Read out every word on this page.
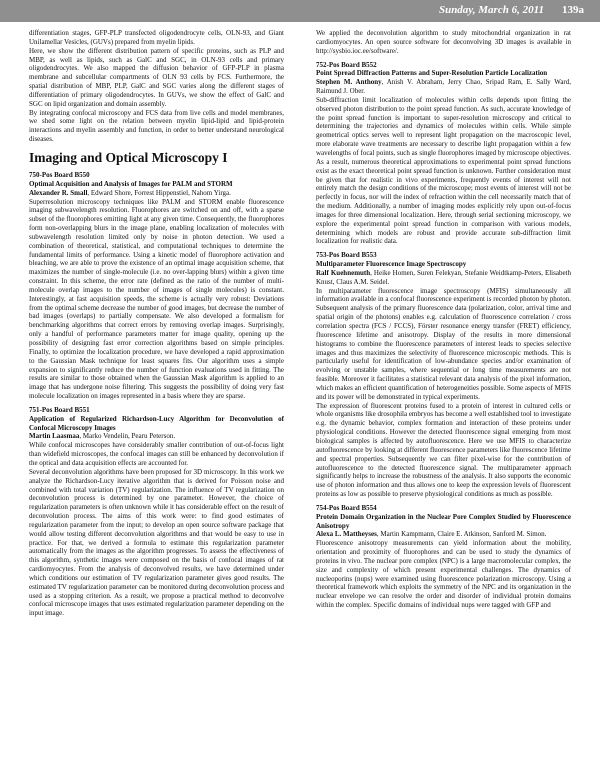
Sunday, March 6, 2011 139a

differentiation stages, GFP-PLP transfected oligodendrocyte cells, OLN-93, and Giant Unilamellar Vesicles, (GUVs) prepared from myelin lipids.

Here, we show the different distribution pattern of specific proteins, such as PLP and MBP, as well as lipids, such as GalC and SGC, in OLN-93 cells and primary oligodendrocytes. We also mapped the diffusion behavior of GFP-PLP in plasma membrane and subcellular compartments of OLN 93 cells by FCS. Furthermore, the spatial distribution of MBP, PLP, GalC and SGC varies along the different stages of differentiation of primary oligodendrocytes. In GUVs, we show the effect of GalC and SGC on lipid organization and domain assembly.

By integrating confocal microscopy and FCS data from live cells and model membranes, we shed some light on the relation between myelin lipid-lipid and lipid-protein interactions and myelin assembly and function, in order to better understand neurological diseases.

Imaging and Optical Microscopy I
750-Pos Board B550
Optimal Acquisition and Analysis of Images for PALM and STORM
Alexander R. Small, Edward Shore, Forrest Hippenstiel, Nahom Yirga.

Superresolution microscopy techniques like PALM and STORM enable fluorescence imaging subwavelength resolution. Fluorophores are switched on and off, with a sparse subset of the fluorophores emitting light at any given time. Consequently, the fluorophores form non-overlapping blurs in the image plane, enabling localization of molecules with subwavelength resolution limited only by noise in photon detection. We used a combination of theoretical, statistical, and computational techniques to determine the fundamental limits of performance. Using a kinetic model of fluorophore activation and bleaching, we are able to prove the existence of an optimal image acquisition scheme, that maximizes the number of single-molecule (i.e. no over-lapping blurs) within a given time constraint. In this scheme, the error rate (defined as the ratio of the number of multi-molecule overlap images to the number of images of single molecules) is constant. Interestingly, at fast acquisition speeds, the scheme is actually very robust: Deviations from the optimal scheme decrease the number of good images, but decrease the number of bad images (overlaps) to partially compensate. We also developed a formalism for benchmarking algorithms that correct errors by removing overlap images. Surprisingly, only a handful of performance parameters matter for image quality, opening up the possibility of designing fast error correction algorithms based on simple principles. Finally, to optimize the localization procedure, we have developed a rapid approximation to the Gaussian Mask technique for least squares fits. Our algorithm uses a simple expansion to significantly reduce the number of function evaluations used in fitting. The results are similar to those obtained when the Gaussian Mask algorithm is applied to an image that has undergone noise filtering. This suggests the possibility of doing very fast molecule localization on images represented in a basis where they are sparse.

751-Pos Board B551
Application of Regularized Richardson-Lucy Algorithm for Deconvolution of Confocal Microscopy Images
Martin Laasmaa, Marko Vendelin, Pearu Peterson.

While confocal microscopes have considerably smaller contribution of out-of-focus light than widefield microscopes, the confocal images can still be enhanced by deconvolution if the optical and data acquisition effects are accounted for.

Several deconvolution algorithms have been proposed for 3D microscopy. In this work we analyze the Richardson-Lucy iterative algorithm that is derived for Poisson noise and combined with total variation (TV) regularization. The influence of TV regularization on deconvolution process is determined by one parameter. However, the choice of regularization parameters is often unknown while it has considerable effect on the result of deconvolution process. The aims of this work were: to find good estimates of regularization parameter from the input; to develop an open source software package that would allow testing different deconvolution algorithms and that would be easy to use in practice. For that, we derived a formula to estimate this regularization parameter automatically from the images as the algorithm progresses. To assess the effectiveness of this algorithm, synthetic images were composed on the basis of confocal images of rat cardiomyocytes. From the analysis of deconvolved results, we have determined under which conditions our estimation of TV regularization parameter gives good results. The estimated TV regularization parameter can be monitored during deconvolution process and used as a stopping criterion. As a result, we propose a practical method to deconvolve confocal microscope images that uses estimated regularization parameter depending on the input image.

We applied the deconvolution algorithm to study mitochondrial organization in rat cardiomyocytes. An open source software for deconvolving 3D images is available in http://sysbio.ioc.ee/software/.

752-Pos Board B552
Point Spread Diffraction Patterns and Super-Resolution Particle Localization
Stephen M. Anthony, Anish V. Abraham, Jerry Chao, Sripad Ram, E. Sally Ward, Raimund J. Ober.

Sub-diffraction limit localization of molecules within cells depends upon fitting the observed photon distribution to the point spread function. As such, accurate knowledge of the point spread function is important to super-resolution microscopy and critical to determining the trajectories and dynamics of molecules within cells. While simple geometrical optics serves well to represent light propagation on the macroscopic level, more elaborate wave treatments are necessary to describe light propagation within a few wavelengths of focal points, such as single fluorophores imaged by microscope objectives. As a result, numerous theoretical approximations to experimental point spread functions exist as the exact theoretical point spread function is unknown. Further consideration must be given that for realistic in vivo experiments, frequently events of interest will not entirely match the design conditions of the microscope; most events of interest will not be perfectly in focus, nor will the index of refraction within the cell necessarily match that of the medium. Additionally, a number of imaging modes explicitly rely upon out-of-focus images for three dimensional localization. Here, through serial sectioning microscopy, we explore the experimental point spread function in comparison with various models, determining which models are robust and provide accurate sub-diffraction limit localization for realistic data.

753-Pos Board B553
Multiparameter Fluorescence Image Spectroscopy
Ralf Kuehnemuth, Heike Homen, Suren Felekyan, Stefanie Weidtkamp-Peters, Elisabeth Knust, Claus A.M. Seidel.

In multiparameter fluorescence image spectroscopy (MFIS) simultaneously all information available in a confocal fluorescence experiment is recorded photon by photon. Subsequent analysis of the primary fluorescence data (polarization, color, arrival time and spatial origin of the photons) enables e.g. calculation of fluorescence correlation / cross correlation spectra (FCS / FCCS), Förster resonance energy transfer (FRET) efficiency, fluorescence lifetime and anisotropy. Display of the results in more dimensional histograms to combine the fluorescence parameters of interest leads to species selective images and thus maximizes the selectivity of fluorescence microscopic methods. This is particularly useful for identification of low-abundance species and/or examination of evolving or unstable samples, where sequential or long time measurements are not feasible. Moreover it facilitates a statistical relevant data analysis of the pixel information, which makes an efficient quantification of heterogeneities possible. Some aspects of MFIS and its power will be demonstrated in typical experiments.

The expression of fluorescent proteins fused to a protein of interest in cultured cells or whole organisms like drosophila embryos has become a well established tool to investigate e.g. the dynamic behavior, complex formation and interaction of these proteins under physiological conditions. However the detected fluorescence signal emerging from most biological samples is affected by autofluorescence. Here we use MFIS to characterize autofluorescence by looking at different fluorescence parameters like fluorescence lifetime and spectral properties. Subsequently we can filter pixel-wise for the contribution of autofluorescence to the detected fluorescence signal. The multiparameter approach significantly helps to increase the robustness of the analysis. It also supports the economic use of photon information and thus allows one to keep the expression levels of fluorescent proteins as low as possible to preserve physiological conditions as much as possible.

754-Pos Board B554
Protein Domain Organization in the Nuclear Pore Complex Studied by Fluorescence Anisotropy
Alexa L. Mattheyses, Martin Kampmann, Claire E. Atkinson, Sanford M. Simon.

Fluorescence anisotropy measurements can yield information about the mobility, orientation and proximity of fluorophores and can be used to study the dynamics of proteins in vivo. The nuclear pore complex (NPC) is a large macromolecular complex, the size and complexity of which present experimental challenges. The dynamics of nucleoporins (nups) were examined using fluorescence polarization microscopy. Using a theoretical framework which exploits the symmetry of the NPC and its organization in the nuclear envelope we can resolve the order and disorder of individual protein domains within the complex. Specific domains of individual nups were tagged with GFP and
